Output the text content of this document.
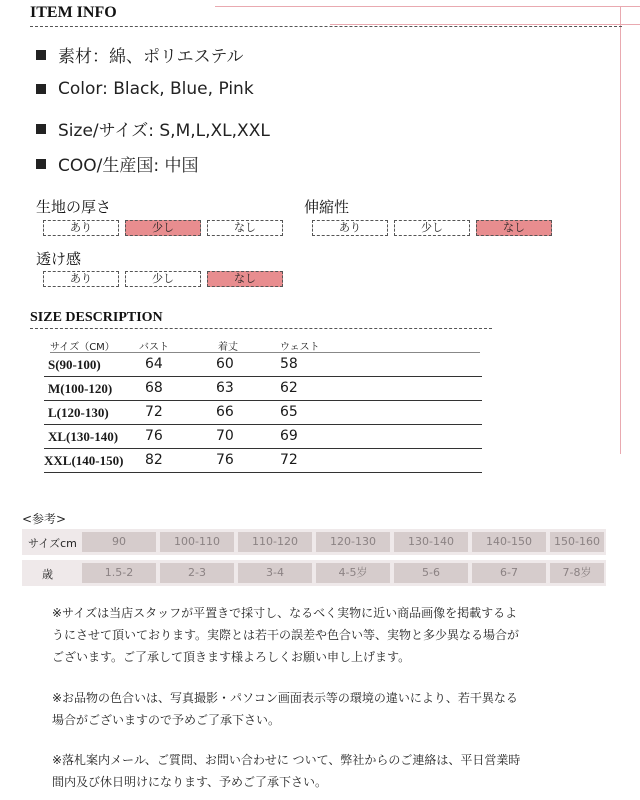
ITEM INFO
素材：綿、ポリエステル
Color: Black, Blue, Pink
Size/サイズ: S,M,L,XL,XXL
COO/生産国: 中国
生地の厚さ
あり	少し	なし
伸縮性
あり	少し	なし
透け感
あり	少し	なし
SIZE DESCRIPTION
サイズ（CM） バスト	着丈	ウェスト
S(90-100)	64	60	58
M(100-120) 68	63	62
L(120-130)	72	66	65
XL(130-140) 76	70	69
XXL(140-150) 82	76	72
<参考>
サイズcm	90	100-110	110-120	120-130	130-140	140-150	150-160
歳	1.5-2	2-3	3-4	4-5岁	5-6	6-7	7-8岁
※サイズは当店スタッフが平置きで採寸し、なるべく実物に近い商品画像を掲載するよ
うにさせて頂いております。実際とは若干の誤差や色合い等、実物と多少異なる場合が
ございます。ご了承して頂きます様よろしくお願い申し上げます。
※お品物の色合いは、写真撮影・パソコン画面表示等の環境の違いにより、若干異なる
場合がございますので予めご了承下さい。
※落札案内メール、ご質問、お問い合わせに ついて、弊社からのご連絡は、平日営業時
間内及び休日明けになります、予めご了承下さい。
